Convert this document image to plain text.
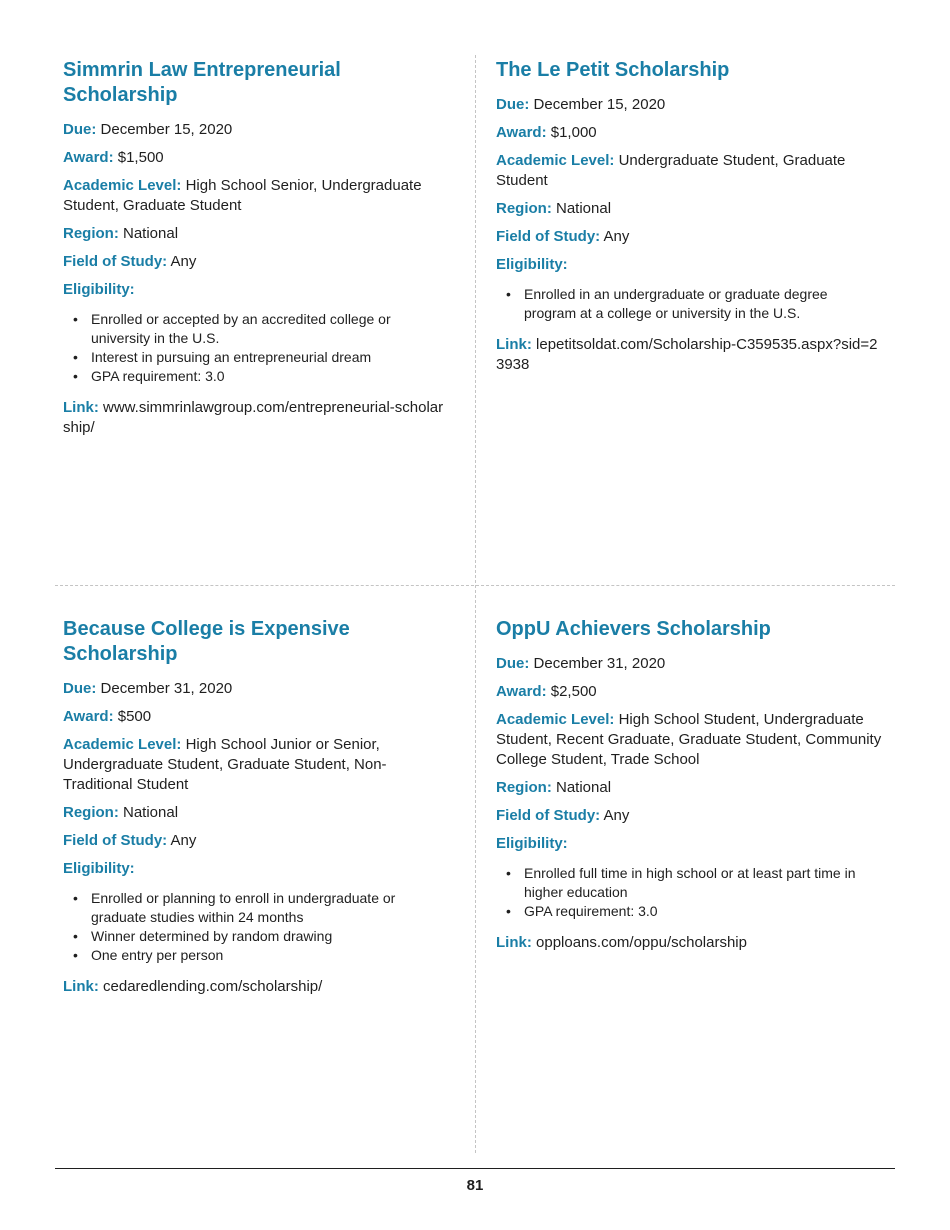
Simmrin Law Entrepreneurial Scholarship

Due: December 15, 2020

Award: $1,500

Academic Level: High School Senior, Undergraduate Student, Graduate Student

Region: National

Field of Study: Any

Eligibility:

• Enrolled or accepted by an accredited college or university in the U.S.
• Interest in pursuing an entrepreneurial dream
• GPA requirement: 3.0

Link: www.simmrinlawgroup.com/entrepreneurial-scholarship/

The Le Petit Scholarship

Due: December 15, 2020

Award: $1,000

Academic Level: Undergraduate Student, Graduate Student

Region: National

Field of Study: Any

Eligibility:

• Enrolled in an undergraduate or graduate degree program at a college or university in the U.S.

Link: lepetitsoldat.com/Scholarship-C359535.aspx?sid=23938

Because College is Expensive Scholarship

Due: December 31, 2020

Award: $500

Academic Level: High School Junior or Senior, Undergraduate Student, Graduate Student, Non-Traditional Student

Region: National

Field of Study: Any

Eligibility:

• Enrolled or planning to enroll in undergraduate or graduate studies within 24 months
• Winner determined by random drawing
• One entry per person

Link: cedaredlending.com/scholarship/

OppU Achievers Scholarship

Due: December 31, 2020

Award: $2,500

Academic Level: High School Student, Undergraduate Student, Recent Graduate, Graduate Student, Community College Student, Trade School

Region: National

Field of Study: Any

Eligibility:

• Enrolled full time in high school or at least part time in higher education
• GPA requirement: 3.0

Link: opploans.com/oppu/scholarship

81
